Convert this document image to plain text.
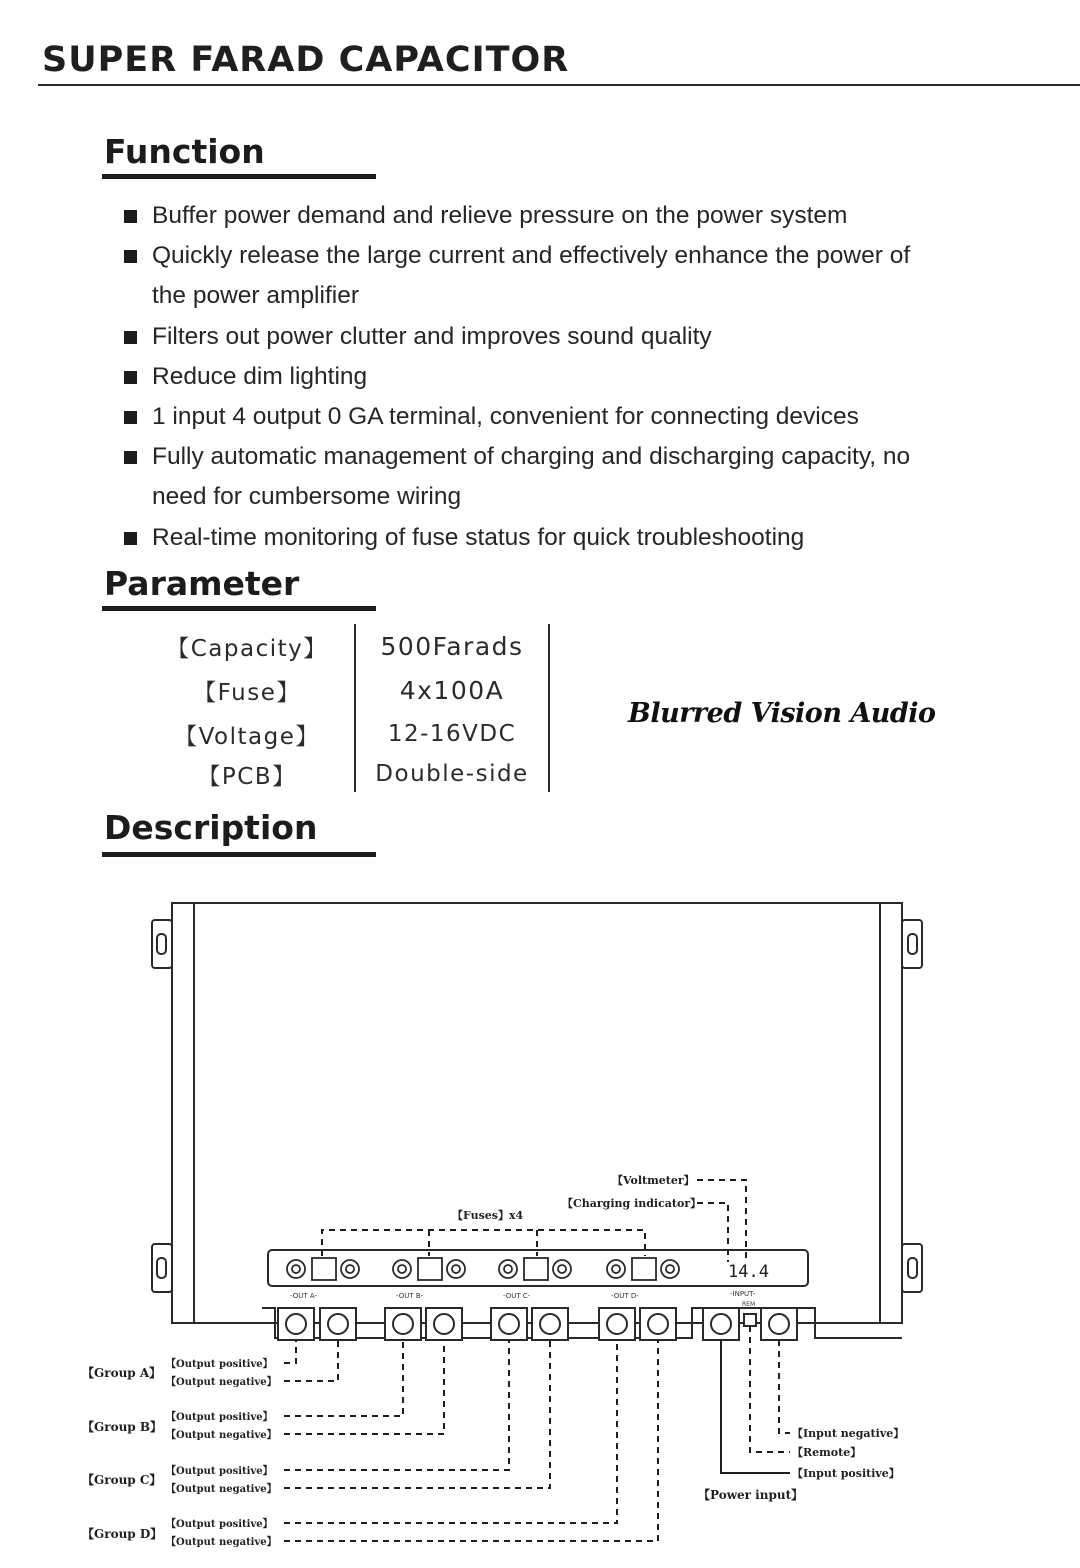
SUPER FARAD CAPACITOR
Function
Buffer power demand and relieve pressure on the power system
Quickly release the large current and effectively enhance the power of the power amplifier
Filters out power clutter and improves sound quality
Reduce dim lighting
1 input 4 output 0 GA terminal, convenient for connecting devices
Fully automatic management of charging and discharging capacity, no need for cumbersome wiring
Real-time monitoring of fuse status for quick troubleshooting
Parameter
【Capacity】	500Farads
【Fuse】	4x100A
【Voltage】	12-16VDC
【PCB】	Double-side

Blurred Vision Audio

Description
14.4
-OUT A-	-OUT B-	-OUT C-	-OUT D-	-INPUT-
REM
【Voltmeter】
【Charging indicator】
【Fuses】x4
【Input negative】
【Remote】
【Input positive】
【Power input】
【Group A】
【Output positive】
【Output negative】
【Group B】
【Output positive】
【Output negative】
【Group C】
【Output positive】
【Output negative】
【Group D】
【Output positive】
【Output negative】
